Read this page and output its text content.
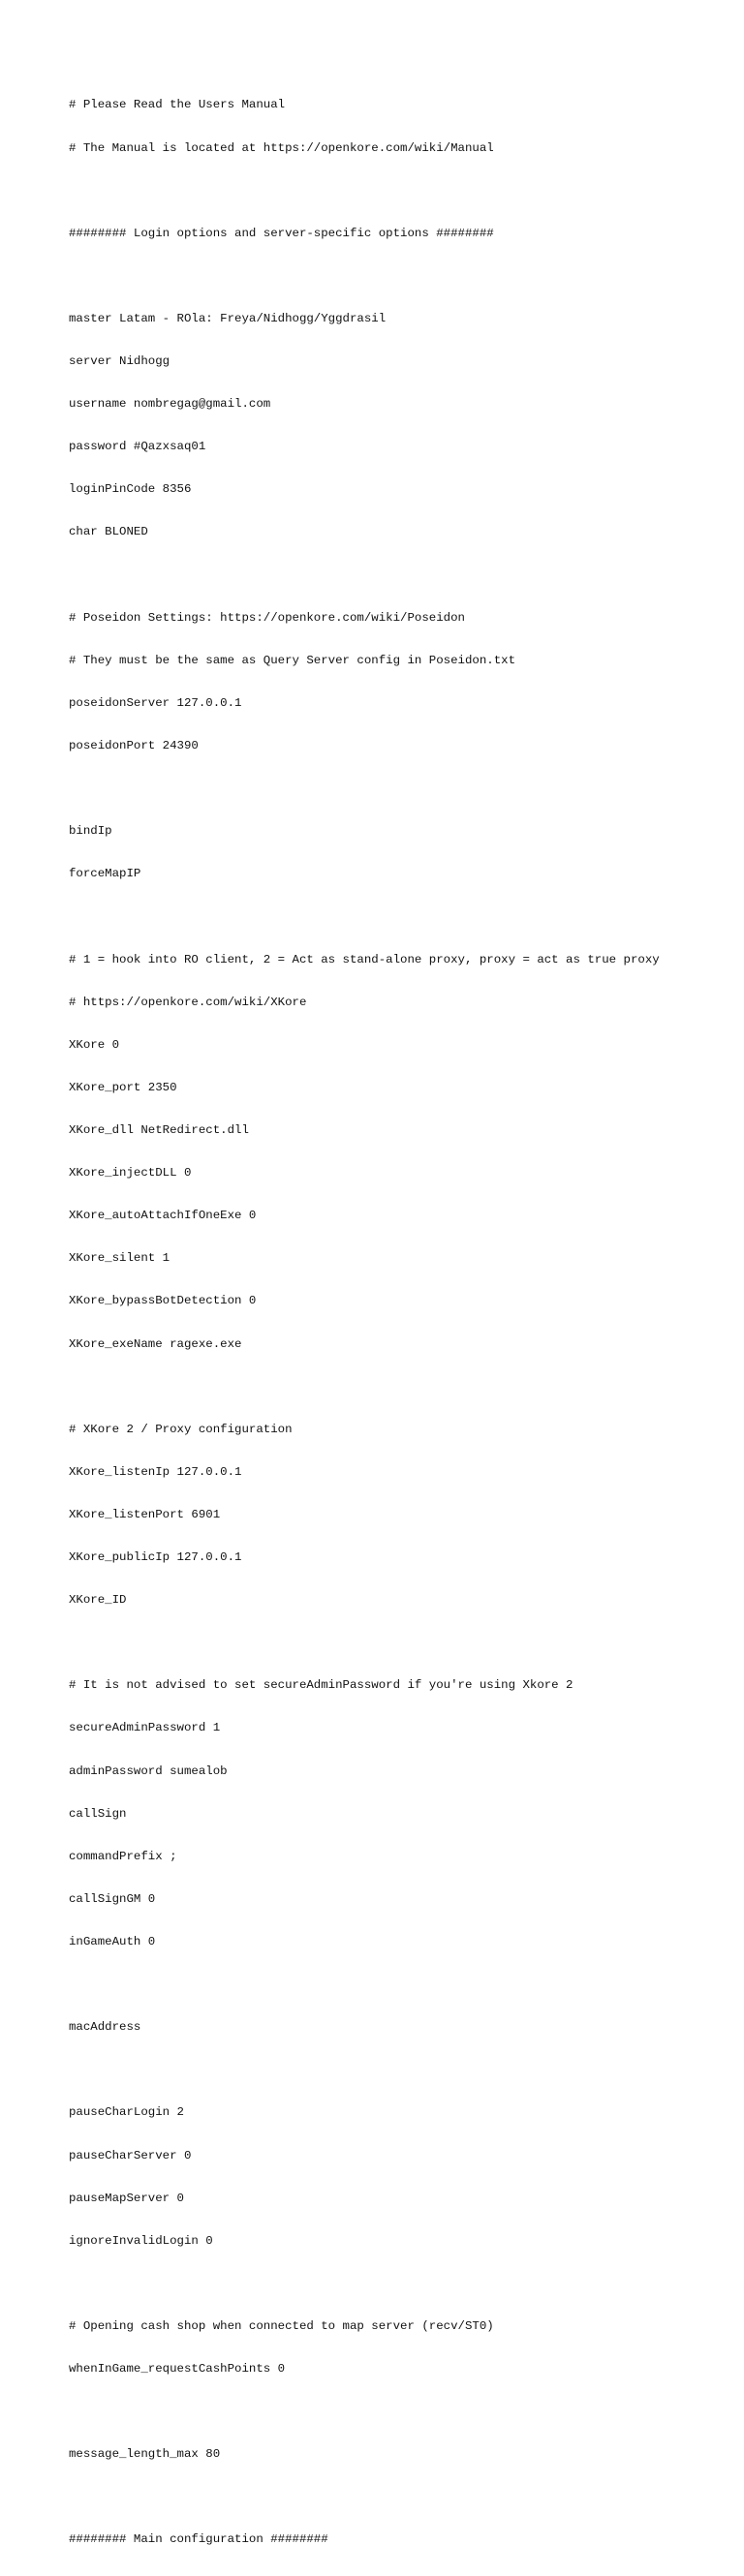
# Please Read the Users Manual

# The Manual is located at https://openkore.com/wiki/Manual

######## Login options and server-specific options ########

master Latam - ROla: Freya/Nidhogg/Yggdrasil

server Nidhogg

username nombregag@gmail.com

password #Qazxsaq01

loginPinCode 8356

char BLONED

# Poseidon Settings: https://openkore.com/wiki/Poseidon

# They must be the same as Query Server config in Poseidon.txt

poseidonServer 127.0.0.1

poseidonPort 24390

bindIp

forceMapIP

# 1 = hook into RO client, 2 = Act as stand-alone proxy, proxy = act as true proxy

# https://openkore.com/wiki/XKore

XKore 0

XKore_port 2350

XKore_dll NetRedirect.dll

XKore_injectDLL 0

XKore_autoAttachIfOneExe 0

XKore_silent 1

XKore_bypassBotDetection 0

XKore_exeName ragexe.exe

# XKore 2 / Proxy configuration

XKore_listenIp 127.0.0.1

XKore_listenPort 6901

XKore_publicIp 127.0.0.1

XKore_ID

# It is not advised to set secureAdminPassword if you're using Xkore 2

secureAdminPassword 1

adminPassword sumealob

callSign

commandPrefix ;

callSignGM 0

inGameAuth 0

macAddress

pauseCharLogin 2

pauseCharServer 0

pauseMapServer 0

ignoreInvalidLogin 0

# Opening cash shop when connected to map server (recv/ST0)

whenInGame_requestCashPoints 0

message_length_max 80

######## Main configuration ########
